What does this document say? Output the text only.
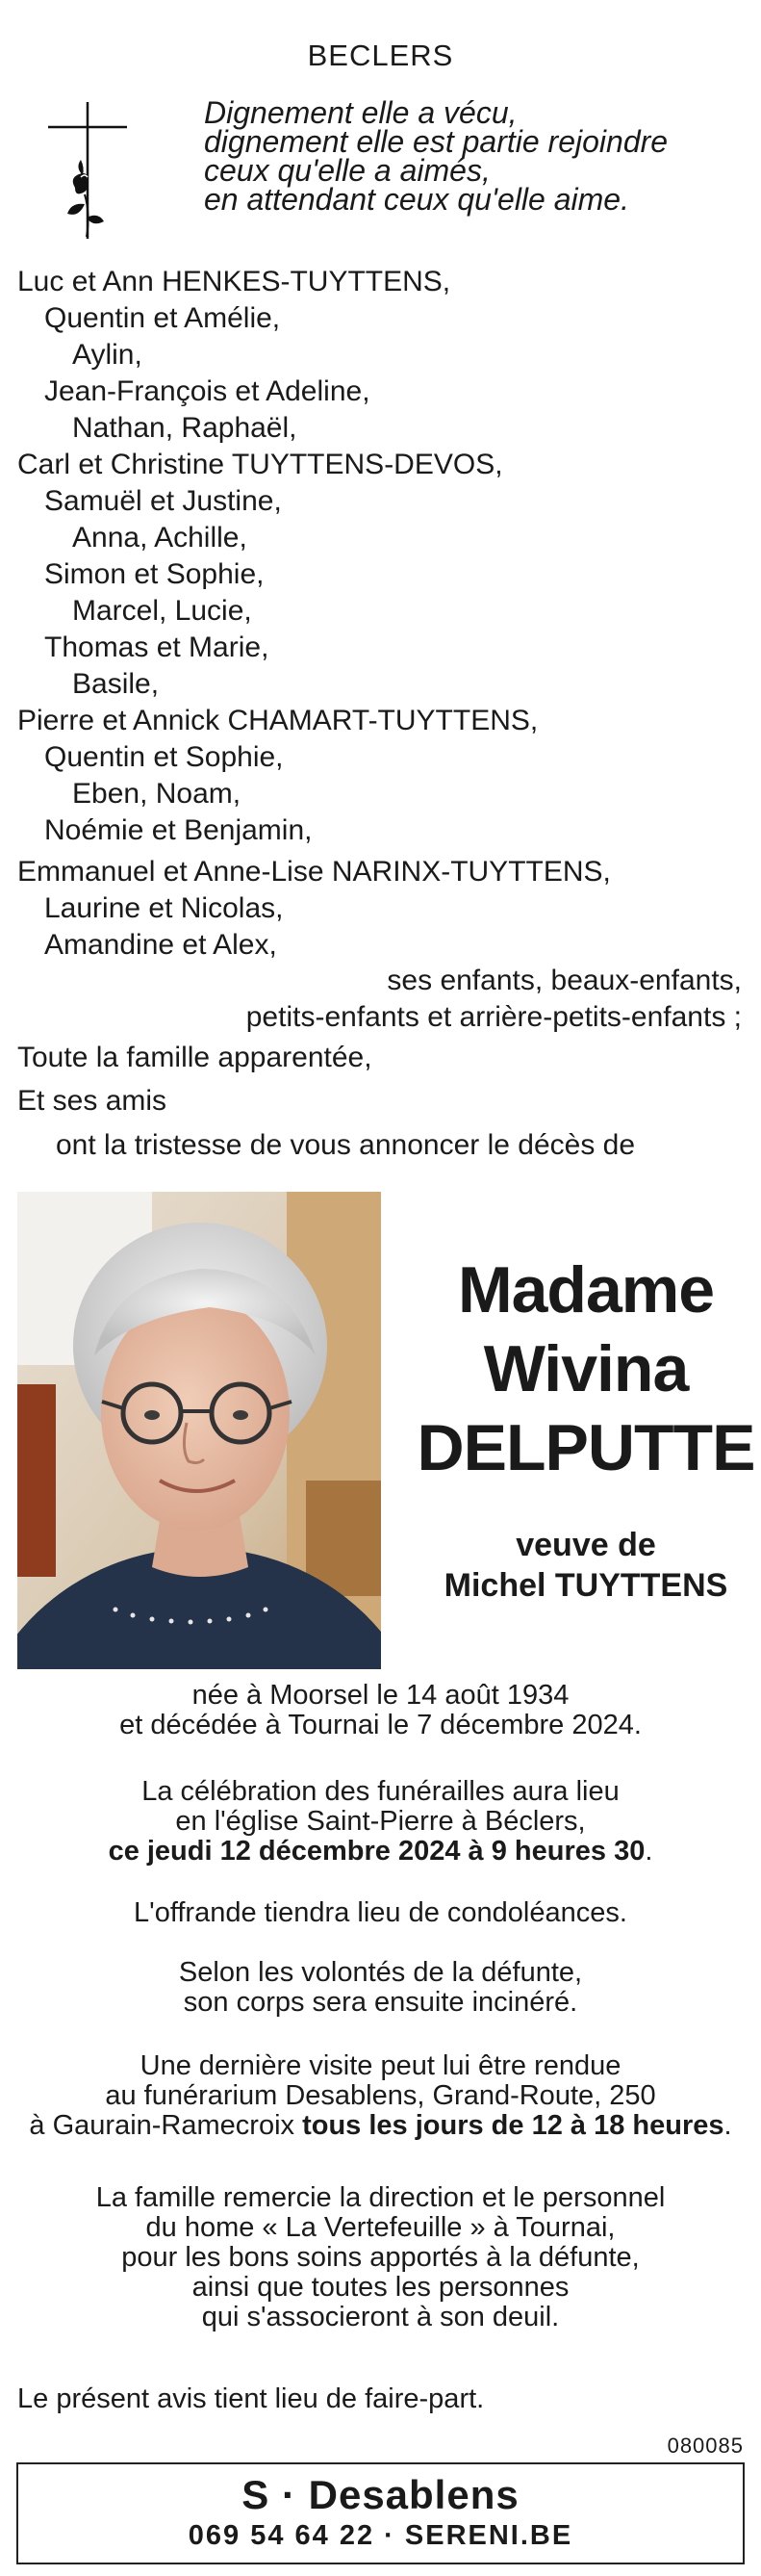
BECLERS
Dignement elle a vécu,
dignement elle est partie rejoindre
ceux qu'elle a aimés,
en attendant ceux qu'elle aime.
Luc et Ann HENKES-TUYTTENS,
Quentin et Amélie,
Aylin,
Jean-François et Adeline,
Nathan, Raphaël,
Carl et Christine TUYTTENS-DEVOS,
Samuël et Justine,
Anna, Achille,
Simon et Sophie,
Marcel, Lucie,
Thomas et Marie,
Basile,
Pierre et Annick CHAMART-TUYTTENS,
Quentin et Sophie,
Eben, Noam,
Noémie et Benjamin,
Emmanuel et Anne-Lise NARINX-TUYTTENS,
Laurine et Nicolas,
Amandine et Alex,
ses enfants, beaux-enfants,
petits-enfants et arrière-petits-enfants ;
Toute la famille apparentée,
Et ses amis
ont la tristesse de vous annoncer le décès de
Madame
Wivina
DELPUTTE
veuve de
Michel TUYTTENS
née à Moorsel le 14 août 1934
et décédée à Tournai le 7 décembre 2024.
La célébration des funérailles aura lieu
en l'église Saint-Pierre à Béclers,
ce jeudi 12 décembre 2024 à 9 heures 30.
L'offrande tiendra lieu de condoléances.
Selon les volontés de la défunte,
son corps sera ensuite incinéré.
Une dernière visite peut lui être rendue
au funérarium Desablens, Grand-Route, 250
à Gaurain-Ramecroix tous les jours de 12 à 18 heures.
La famille remercie la direction et le personnel
du home « La Vertefeuille » à Tournai,
pour les bons soins apportés à la défunte,
ainsi que toutes les personnes
qui s'associeront à son deuil.
Le présent avis tient lieu de faire-part.
080085
S · Desablens
069 54 64 22 · SERENI.BE
